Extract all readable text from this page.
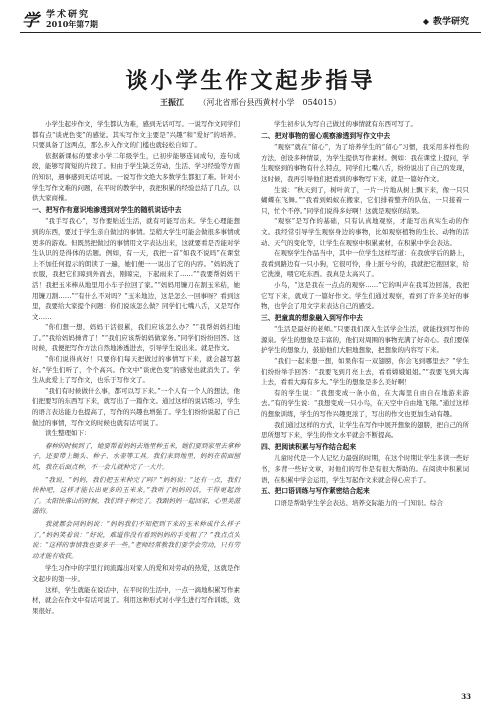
学 学术研究
2010年第7期
◆	教学研究
谈小学生作文起步指导
王振江 （河北省邢台县西黄村小学　054015）

小学生起步作文，学生都认为难，感到无话可写。一说写作文同学们都有点“谈虎色变”的感觉。其实写作文主要是“兴趣”和“爱好”的培养。只要具备了这两点，那么步入作文的门槛也就轻松自如了。

依据新课标的要求小学二年级学生，已初步能够连词成句，连句成段，能够写简短的片段了。但由于学生缺乏劳动，生活、学习经验等方面的知识，遇事感到无话可说。一说写作文绝大多数学生都犯了难。针对小学生写作文难的问题，在平时的教学中，我把积累的经验总结了几点，以供大家商榷。

一、把写作有意识地渗透到对学生的随机说话中去

“我手写我心”，写作要贴近生活，就有可能写出来。学生心理能想到的东西，要过于学生亲自做过的事情。呈稍大学生可能会做很多事情或更多的游戏。但既然把做过的事情用文字表达出来，这就要看是否能对学生认识的是得体的话题。例如，有一天，我把一首“如我不说吗”在课堂上不加任何提示的朗读了一遍，她们便一一说出了它的内容。“妈妈洗了衣服，我把它们晾到外面去，刚晾完，下起雨来了……”“我要帮妈妈干活！我把玉米棒从地里用小车子拉回了家。”“妈妈用镰刀在割玉米秸，她用镰刀割……”“有什么不对吗？”玉米地边，这是怎么一回事呀？看到这里，我要给大家提个问题：你们说该怎么做？同学们七嘴八舌，又是写作文……

“你们想一想，妈妈干活很累，我们应该怎么办？”“我帮妈妈扫地了。”“我给妈妈捶背了！”“我们应该帮妈妈做家务。”同学们纷纷回答。这时候，我便把写作方法自然地渗透进去，引导学生说出来。就是作文。

“你们说得真好！只要你们每天把做过的事情写下来，就会越写越好。”学生们听了，个个高兴。作文中“谈虎色变”的感觉也就消失了。学生从此爱上了写作文，也乐于写作文了。

“我们有时候做什么事，都可以写下来。”一个人有一个人的想法，他们把要写的东西写下来，就写出了一篇作文。通过这样的说话练习，学生的语言表达能力也提高了，写作的兴趣也增强了。学生们纷纷说起了自己做过的事情，写作文的时候也就有话可说了。

读生整理如下：

春种的时候到了，她要帮着妈妈去地里种玉米，她们要到家里去拿种子，还要带上锄头、种子、水壶等工具。我们来到地里，妈妈在前面刨坑，我在后面点种，不一会儿就种完了一大片。

“我说，“妈妈，我们把玉米种完了吗？”妈妈说：“还有一点，我们快种吧，这样才能长出更多的玉米来。”我听了妈妈的话，干得更起劲了。太阳快落山的时候，我们终于种完了。我跟妈妈一起回家，心里美滋滋的。

我就都会同妈妈说：“妈妈我们不知把到下来的玉米种成什么样子了。”妈妈笑着说：“好说，难道你没有看到妈妈的手变粗了？”我点点头说：“这样的事情我也要多干一些。”老师经常教我们要学会劳动，只有劳动才能有收获。

学生习作中的字里行间流露出对家人的爱和对劳动的热爱，这就是作文起步的第一步。

这样，学生就能在说话中，在平时的生活中，一点一滴地积累写作素材，就会在作文中有话可说了。利用这种形式对小学生进行写作训练，效果很好。

学生初步认为写自己做过的事情就有东西可写了。

二、把对事物的留心观察渗透到写作文中去

“观察”就在“留心”，为了培养学生的“留心”习惯，我采用多样性的方法，创设多种情景，为学生提供写作素材。例如：我在课堂上提问，学生观察到的事物有什么特点，同学们七嘴八舌，纷纷说出了自己的发现，这时候，我再引导他们把看到的事物写下来，就是一篇好作文。

生说：“秋天到了，树叶黄了，一片一片地从树上飘下来，像一只只蝴蝶在飞舞。”“我看到蚂蚁在搬家，它们排着整齐的队伍，一只接着一只，忙个不停。”同学们说得多好啊！这就是观察的结果。

“观察”是写作的基础，只有认真地观察，才能写出真实生动的作文。我经常引导学生观察身边的事物，比如观察植物的生长、动物的活动、天气的变化等，让学生在观察中积累素材，在积累中学会表达。

在观察学生作品当中，其中一位学生这样写道：在我放学后的路上，我看到路边有一只小狗，它很可怜，身上脏兮兮的，我就把它抱回家，给它洗澡，喂它吃东西。我真是太高兴了。

小鸟，“这是我在一点点的观察……”它的叫声在我耳边回荡，我把它写下来，就成了一篇好作文。学生们通过观察，看到了许多美好的事物，也学会了用文字来表达自己的感受。

三、把童真的想象融入到写作中去

“生活是最好的老师。”只要我们深入生活学会生活，就能找到写作的源泉。学生的想象是丰富的，他们对周围的事物充满了好奇心。我们要保护学生的想象力，鼓励他们大胆地想象，把想象的内容写下来。

“我们一起来想一想，如果你有一双翅膀，你会飞到哪里去？”学生们纷纷举手回答：“我要飞到月亮上去，看看嫦娥姐姐。”“我要飞到大海上去，看看大海有多大。”学生的想象是多么美好啊！

有的学生说：“我想变成一条小鱼，在大海里自由自在地游来游去。”有的学生说：“我想变成一只小鸟，在天空中自由地飞翔。”通过这样的想象训练，学生的写作兴趣更浓了，写出的作文也更加生动有趣。

我们通过这样的方式，让学生在写作中展开想象的翅膀，把自己的所思所想写下来，学生的作文水平就会不断提高。

四、把阅读积累与写作结合起来

儿童时代是一个人记忆力最强的时期，在这个时期让学生多读一些好书，多背一些好文章，对他们的写作是有很大帮助的。在阅读中积累词语，在积累中学会运用，学生写起作文来就会得心应手了。

五、把口语训练与写作紧密结合起来

口语是帮助学生学会表达、培养交际能力的一门知识。综合

33
